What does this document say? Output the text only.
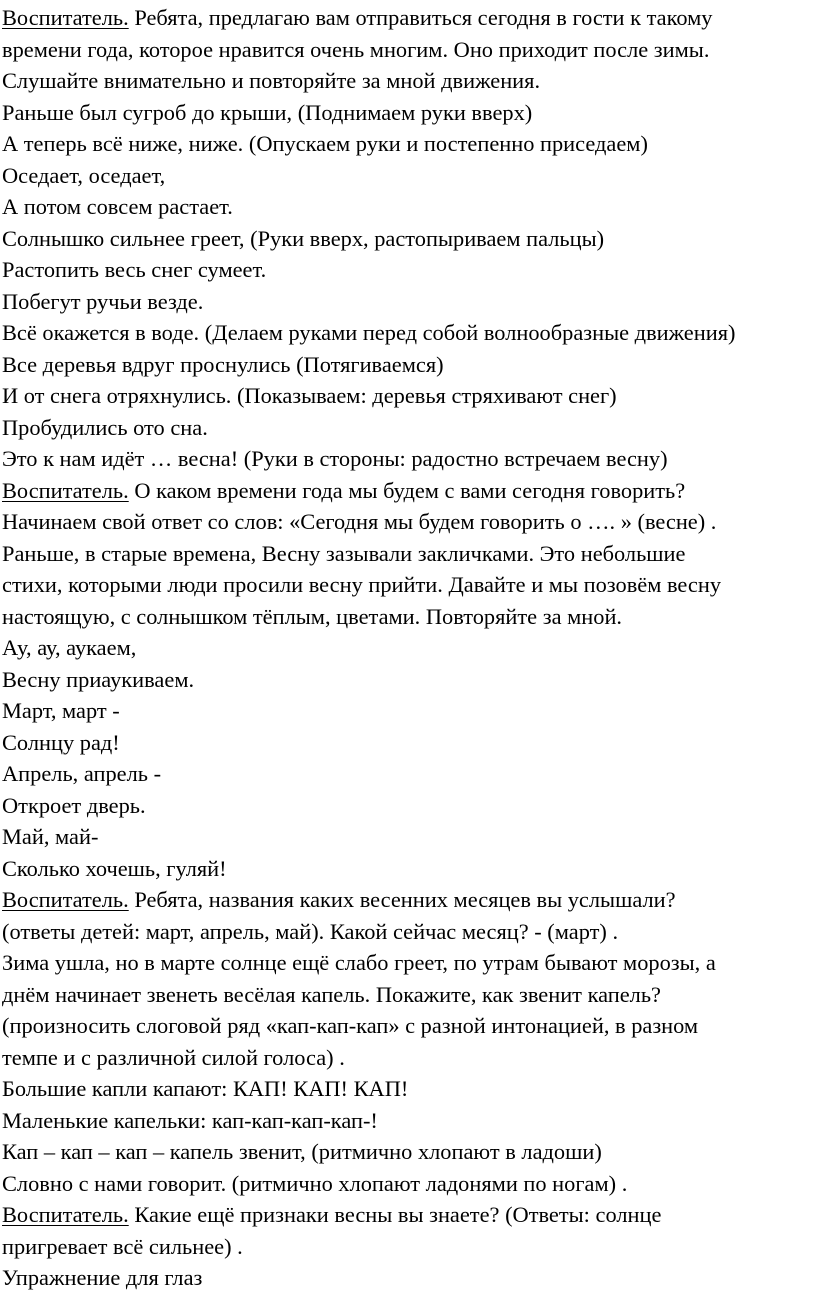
Воспитатель. Ребята, предлагаю вам отправиться сегодня в гости к такому
времени года, которое нравится очень многим. Оно приходит после зимы.
Слушайте внимательно и повторяйте за мной движения.
Раньше был сугроб до крыши, (Поднимаем руки вверх)
А теперь всё ниже, ниже. (Опускаем руки и постепенно приседаем)
Оседает, оседает,
А потом совсем растает.
Солнышко сильнее греет, (Руки вверх, растопыриваем пальцы)
Растопить весь снег сумеет.
Побегут ручьи везде.
Всё окажется в воде. (Делаем руками перед собой волнообразные движения)
Все деревья вдруг проснулись (Потягиваемся)
И от снега отряхнулись. (Показываем: деревья стряхивают снег)
Пробудились ото сна.
Это к нам идёт … весна! (Руки в стороны: радостно встречаем весну)
Воспитатель. О каком времени года мы будем с вами сегодня говорить?
Начинаем свой ответ со слов: «Сегодня мы будем говорить о …. » (весне) .
Раньше, в старые времена, Весну зазывали закличками. Это небольшие
стихи, которыми люди просили весну прийти. Давайте и мы позовём весну
настоящую, с солнышком тёплым, цветами. Повторяйте за мной.
Ау, ау, аукаем,
Весну приаукиваем.
Март, март -
Солнцу рад!
Апрель, апрель -
Откроет дверь.
Май, май-
Сколько хочешь, гуляй!
Воспитатель. Ребята, названия каких весенних месяцев вы услышали?
(ответы детей: март, апрель, май). Какой сейчас месяц? - (март) .
Зима ушла, но в марте солнце ещё слабо греет, по утрам бывают морозы, а
днём начинает звенеть весёлая капель. Покажите, как звенит капель?
(произносить слоговой ряд «кап-кап-кап» с разной интонацией, в разном
темпе и с различной силой голоса) .
Большие капли капают: КАП! КАП! КАП!
Маленькие капельки: кап-кап-кап-кап-!
Кап – кап – кап – капель звенит, (ритмично хлопают в ладоши)
Словно с нами говорит. (ритмично хлопают ладонями по ногам) .
Воспитатель. Какие ещё признаки весны вы знаете? (Ответы: солнце
пригревает всё сильнее) .
Упражнение для глаз
